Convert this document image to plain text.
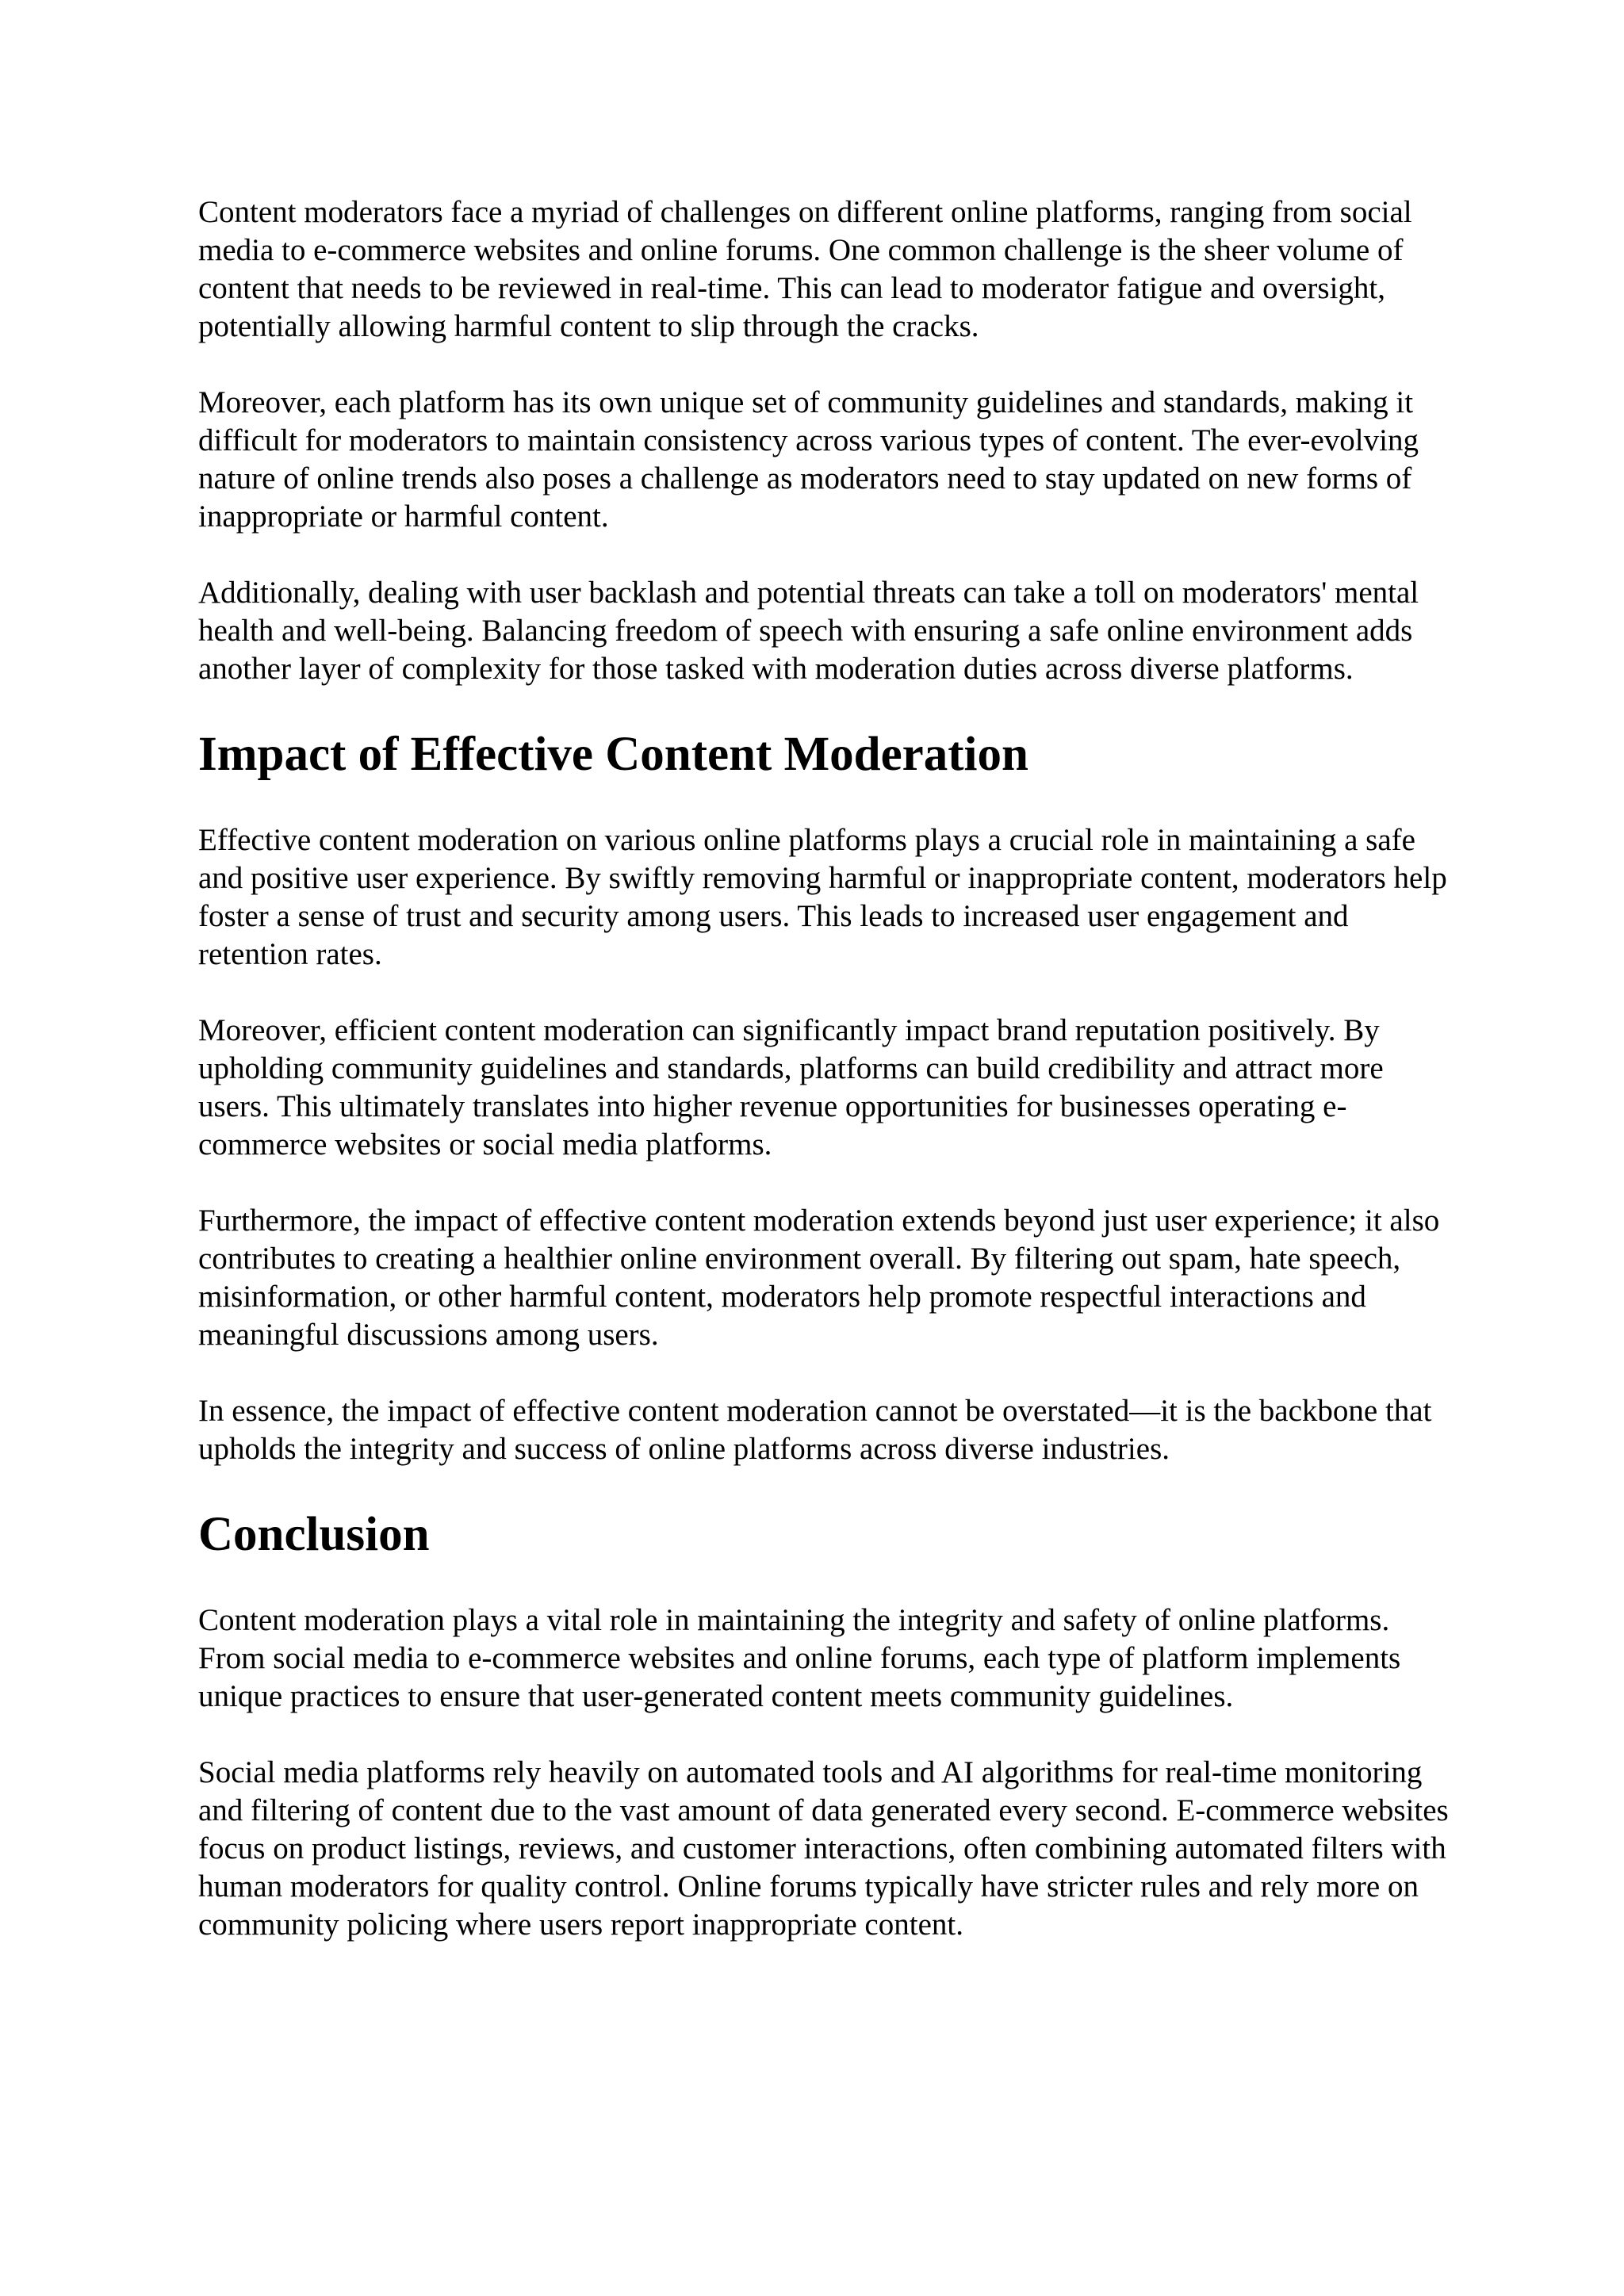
Content moderators face a myriad of challenges on different online platforms, ranging from social media to e-commerce websites and online forums. One common challenge is the sheer volume of content that needs to be reviewed in real-time. This can lead to moderator fatigue and oversight, potentially allowing harmful content to slip through the cracks.

Moreover, each platform has its own unique set of community guidelines and standards, making it difficult for moderators to maintain consistency across various types of content. The ever-evolving nature of online trends also poses a challenge as moderators need to stay updated on new forms of inappropriate or harmful content.

Additionally, dealing with user backlash and potential threats can take a toll on moderators' mental health and well-being. Balancing freedom of speech with ensuring a safe online environment adds another layer of complexity for those tasked with moderation duties across diverse platforms.

Impact of Effective Content Moderation

Effective content moderation on various online platforms plays a crucial role in maintaining a safe and positive user experience. By swiftly removing harmful or inappropriate content, moderators help foster a sense of trust and security among users. This leads to increased user engagement and retention rates.

Moreover, efficient content moderation can significantly impact brand reputation positively. By upholding community guidelines and standards, platforms can build credibility and attract more users. This ultimately translates into higher revenue opportunities for businesses operating e-commerce websites or social media platforms.

Furthermore, the impact of effective content moderation extends beyond just user experience; it also contributes to creating a healthier online environment overall. By filtering out spam, hate speech, misinformation, or other harmful content, moderators help promote respectful interactions and meaningful discussions among users.

In essence, the impact of effective content moderation cannot be overstated—it is the backbone that upholds the integrity and success of online platforms across diverse industries.

Conclusion

Content moderation plays a vital role in maintaining the integrity and safety of online platforms. From social media to e-commerce websites and online forums, each type of platform implements unique practices to ensure that user-generated content meets community guidelines.

Social media platforms rely heavily on automated tools and AI algorithms for real-time monitoring and filtering of content due to the vast amount of data generated every second. E-commerce websites focus on product listings, reviews, and customer interactions, often combining automated filters with human moderators for quality control. Online forums typically have stricter rules and rely more on community policing where users report inappropriate content.
